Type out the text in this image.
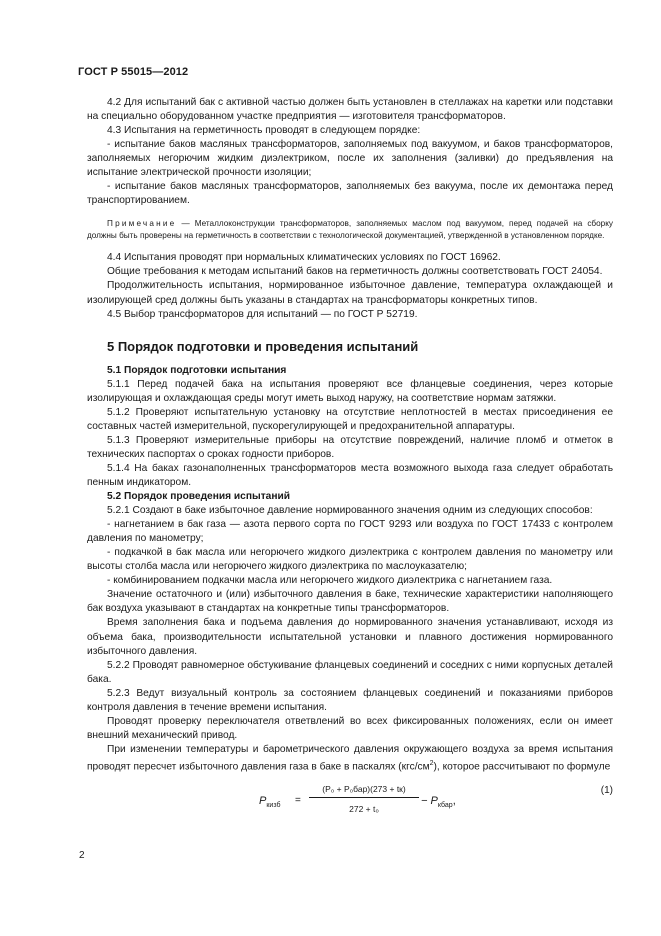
ГОСТ Р 55015—2012

4.2 Для испытаний бак с активной частью должен быть установлен в стеллажах на каретки или подставки на специально оборудованном участке предприятия — изготовителя трансформаторов.

4.3 Испытания на герметичность проводят в следующем порядке:

- испытание баков масляных трансформаторов, заполняемых под вакуумом, и баков трансформаторов, заполняемых негорючим жидким диэлектриком, после их заполнения (заливки) до предъявления на испытание электрической прочности изоляции;

- испытание баков масляных трансформаторов, заполняемых без вакуума, после их демонтажа перед транспортированием.

Примечание — Металлоконструкции трансформаторов, заполняемых маслом под вакуумом, перед подачей на сборку должны быть проверены на герметичность в соответствии с технологической документацией, утвержденной в установленном порядке.

4.4 Испытания проводят при нормальных климатических условиях по ГОСТ 16962.

Общие требования к методам испытаний баков на герметичность должны соответствовать ГОСТ 24054.

Продолжительность испытания, нормированное избыточное давление, температура охлаждающей и изолирующей сред должны быть указаны в стандартах на трансформаторы конкретных типов.

4.5 Выбор трансформаторов для испытаний — по ГОСТ Р 52719.

5 Порядок подготовки и проведения испытаний
5.1 Порядок подготовки испытания

5.1.1 Перед подачей бака на испытания проверяют все фланцевые соединения, через которые изолирующая и охлаждающая среды могут иметь выход наружу, на соответствие нормам затяжки.

5.1.2 Проверяют испытательную установку на отсутствие неплотностей в местах присоединения ее составных частей измерительной, пускорегулирующей и предохранительной аппаратуры.

5.1.3 Проверяют измерительные приборы на отсутствие повреждений, наличие пломб и отметок в технических паспортах о сроках годности приборов.

5.1.4 На баках газонаполненных трансформаторов места возможного выхода газа следует обработать пенным индикатором.

5.2 Порядок проведения испытаний

5.2.1 Создают в баке избыточное давление нормированного значения одним из следующих способов:

- нагнетанием в бак газа — азота первого сорта по ГОСТ 9293 или воздуха по ГОСТ 17433 с контролем давления по манометру;

- подкачкой в бак масла или негорючего жидкого диэлектрика с контролем давления по манометру или высоты столба масла или негорючего жидкого диэлектрика по маслоуказателю;

- комбинированием подкачки масла или негорючего жидкого диэлектрика с нагнетанием газа.

Значение остаточного и (или) избыточного давления в баке, технические характеристики наполняющего бак воздуха указывают в стандартах на конкретные типы трансформаторов.

Время заполнения бака и подъема давления до нормированного значения устанавливают, исходя из объема бака, производительности испытательной установки и плавного достижения нормированного избыточного давления.

5.2.2 Проводят равномерное обстукивание фланцевых соединений и соседних с ними корпусных деталей бака.

5.2.3 Ведут визуальный контроль за состоянием фланцевых соединений и показаниями приборов контроля давления в течение времени испытания.

Проводят проверку переключателя ответвлений во всех фиксированных положениях, если он имеет внешний механический привод.

При изменении температуры и барометрического давления окружающего воздуха за время испытания проводят пересчет избыточного давления газа в баке в паскалях $(кгс/см^2)$, которое рассчитывают по формуле

$P_{кизб}$ =
(P₀ + P₀бар)(273 + tк)
272 + t₀
− $P_{кбар}$,
(1)
2
